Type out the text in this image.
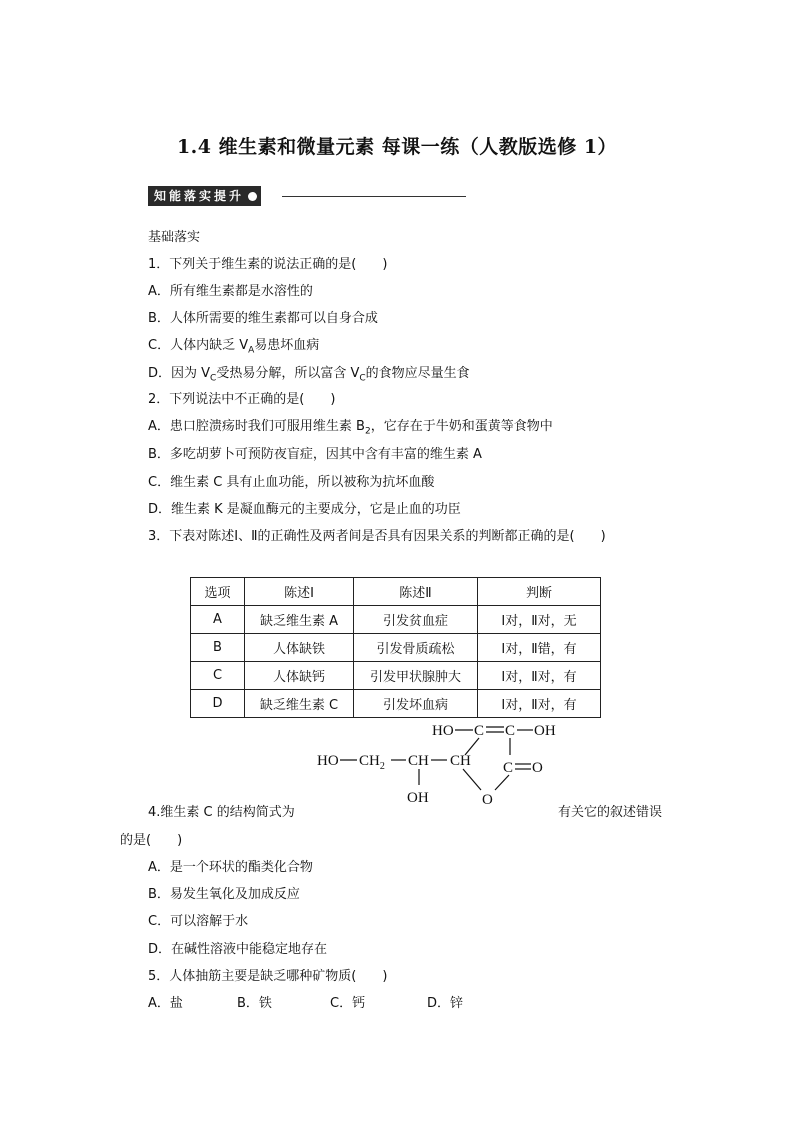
1.4 维生素和微量元素 每课一练（人教版选修 1）
知能落实提升
基础落实
1．下列关于维生素的说法正确的是(　　)
A．所有维生素都是水溶性的
B．人体所需要的维生素都可以自身合成
C．人体内缺乏 $V_A$易患坏血病
D．因为 $V_C$受热易分解，所以富含 $V_C$的食物应尽量生食
2．下列说法中不正确的是(　　)
A．患口腔溃疡时我们可服用维生素 $B_2$，它存在于牛奶和蛋黄等食物中
B．多吃胡萝卜可预防夜盲症，因其中含有丰富的维生素 A
C．维生素 C 具有止血功能，所以被称为抗坏血酸
D．维生素 K 是凝血酶元的主要成分，它是止血的功臣
3．下表对陈述Ⅰ、Ⅱ的正确性及两者间是否具有因果关系的判断都正确的是(　　)
选项	陈述Ⅰ	陈述Ⅱ	判断
A	缺乏维生素 A	引发贫血症	Ⅰ对，Ⅱ对，无
B	人体缺铁	引发骨质疏松	Ⅰ对，Ⅱ错，有
C	人体缺钙	引发甲状腺肿大	Ⅰ对，Ⅱ对，有
D	缺乏维生素 C	引发坏血病	Ⅰ对，Ⅱ对，有
HO C C OH
HO $CH_2$ CH CH C O
OH	O
4.维生素 C 的结构简式为	有关它的叙述错误
的是(　　)
A．是一个环状的酯类化合物
B．易发生氧化及加成反应
C．可以溶解于水
D．在碱性溶液中能稳定地存在
5．人体抽筋主要是缺乏哪种矿物质(　　)
A．盐	B．铁	C．钙	D．锌
